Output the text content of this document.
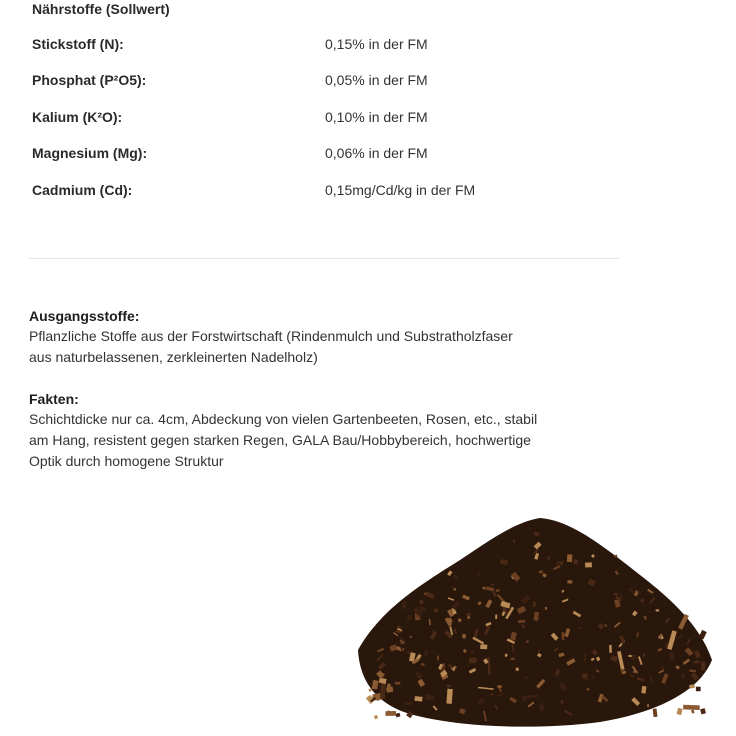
Nährstoffe (Sollwert)
Stickstoff (N):	0,15% in der FM
Phosphat (P²O5):	0,05% in der FM
Kalium (K²O):	0,10% in der FM
Magnesium (Mg):	0,06% in der FM
Cadmium (Cd):	0,15mg/Cd/kg in der FM
Ausgangsstoffe:
Pflanzliche Stoffe aus der Forstwirtschaft (Rindenmulch und Substratholzfaser
aus naturbelassenen, zerkleinerten Nadelholz)
Fakten:
Schichtdicke nur ca. 4cm, Abdeckung von vielen Gartenbeeten, Rosen, etc., stabil
am Hang, resistent gegen starken Regen, GALA Bau/Hobbybereich, hochwertige
Optik durch homogene Struktur
